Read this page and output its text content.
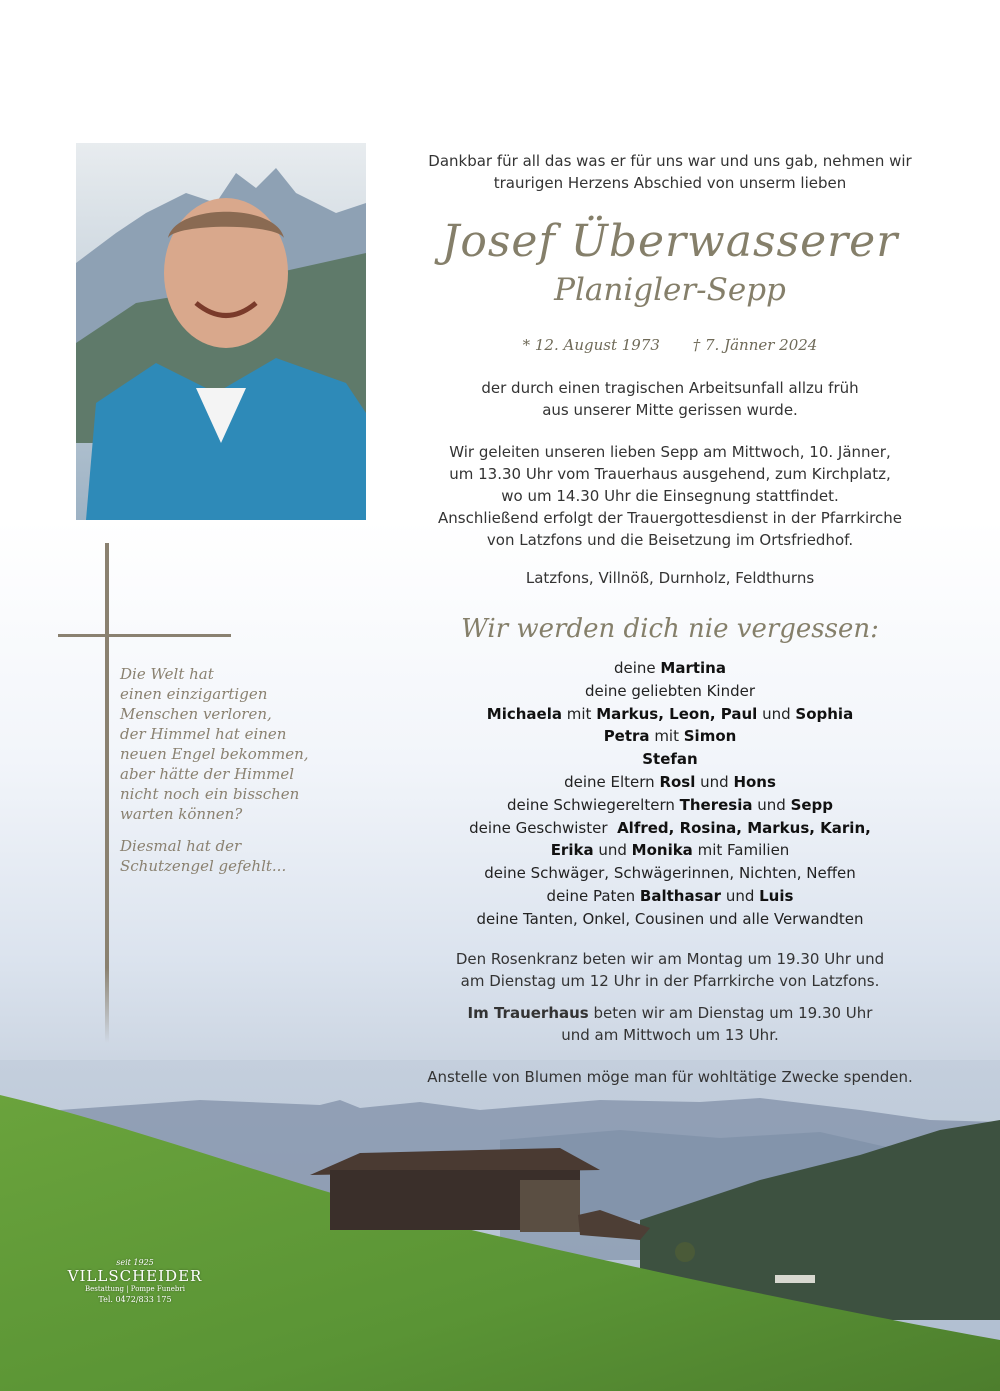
Die Welt hat
einen einzigartigen
Menschen verloren,
der Himmel hat einen
neuen Engel bekommen,
aber hätte der Himmel
nicht noch ein bisschen
warten können?

Diesmal hat der
Schutzengel gefehlt...

Dankbar für all das was er für uns war und uns gab, nehmen wir
traurigen Herzens Abschied von unserm lieben
Josef Überwasserer
Planigler-Sepp
* 12. August 1973 † 7. Jänner 2024
der durch einen tragischen Arbeitsunfall allzu früh
aus unserer Mitte gerissen wurde.
Wir geleiten unseren lieben Sepp am Mittwoch, 10. Jänner,
um 13.30 Uhr vom Trauerhaus ausgehend, zum Kirchplatz,
wo um 14.30 Uhr die Einsegnung stattfindet.
Anschließend erfolgt der Trauergottesdienst in der Pfarrkirche
von Latzfons und die Beisetzung im Ortsfriedhof.
Latzfons, Villnöß, Durnholz, Feldthurns
Wir werden dich nie vergessen:
deine Martina
deine geliebten Kinder
Michaela mit Markus, Leon, Paul und Sophia
Petra mit Simon
Stefan
deine Eltern Rosl und Hons
deine Schwiegereltern Theresia und Sepp
deine Geschwister  Alfred, Rosina, Markus, Karin,
Erika und Monika mit Familien
deine Schwäger, Schwägerinnen, Nichten, Neffen
deine Paten Balthasar und Luis
deine Tanten, Onkel, Cousinen und alle Verwandten
Den Rosenkranz beten wir am Montag um 19.30 Uhr und
am Dienstag um 12 Uhr in der Pfarrkirche von Latzfons.
Im Trauerhaus beten wir am Dienstag um 19.30 Uhr
und am Mittwoch um 13 Uhr.
Anstelle von Blumen möge man für wohltätige Zwecke spenden.
seit 1925
VILLSCHEIDER
Bestattung | Pompe Funebri
Tel. 0472/833 175
